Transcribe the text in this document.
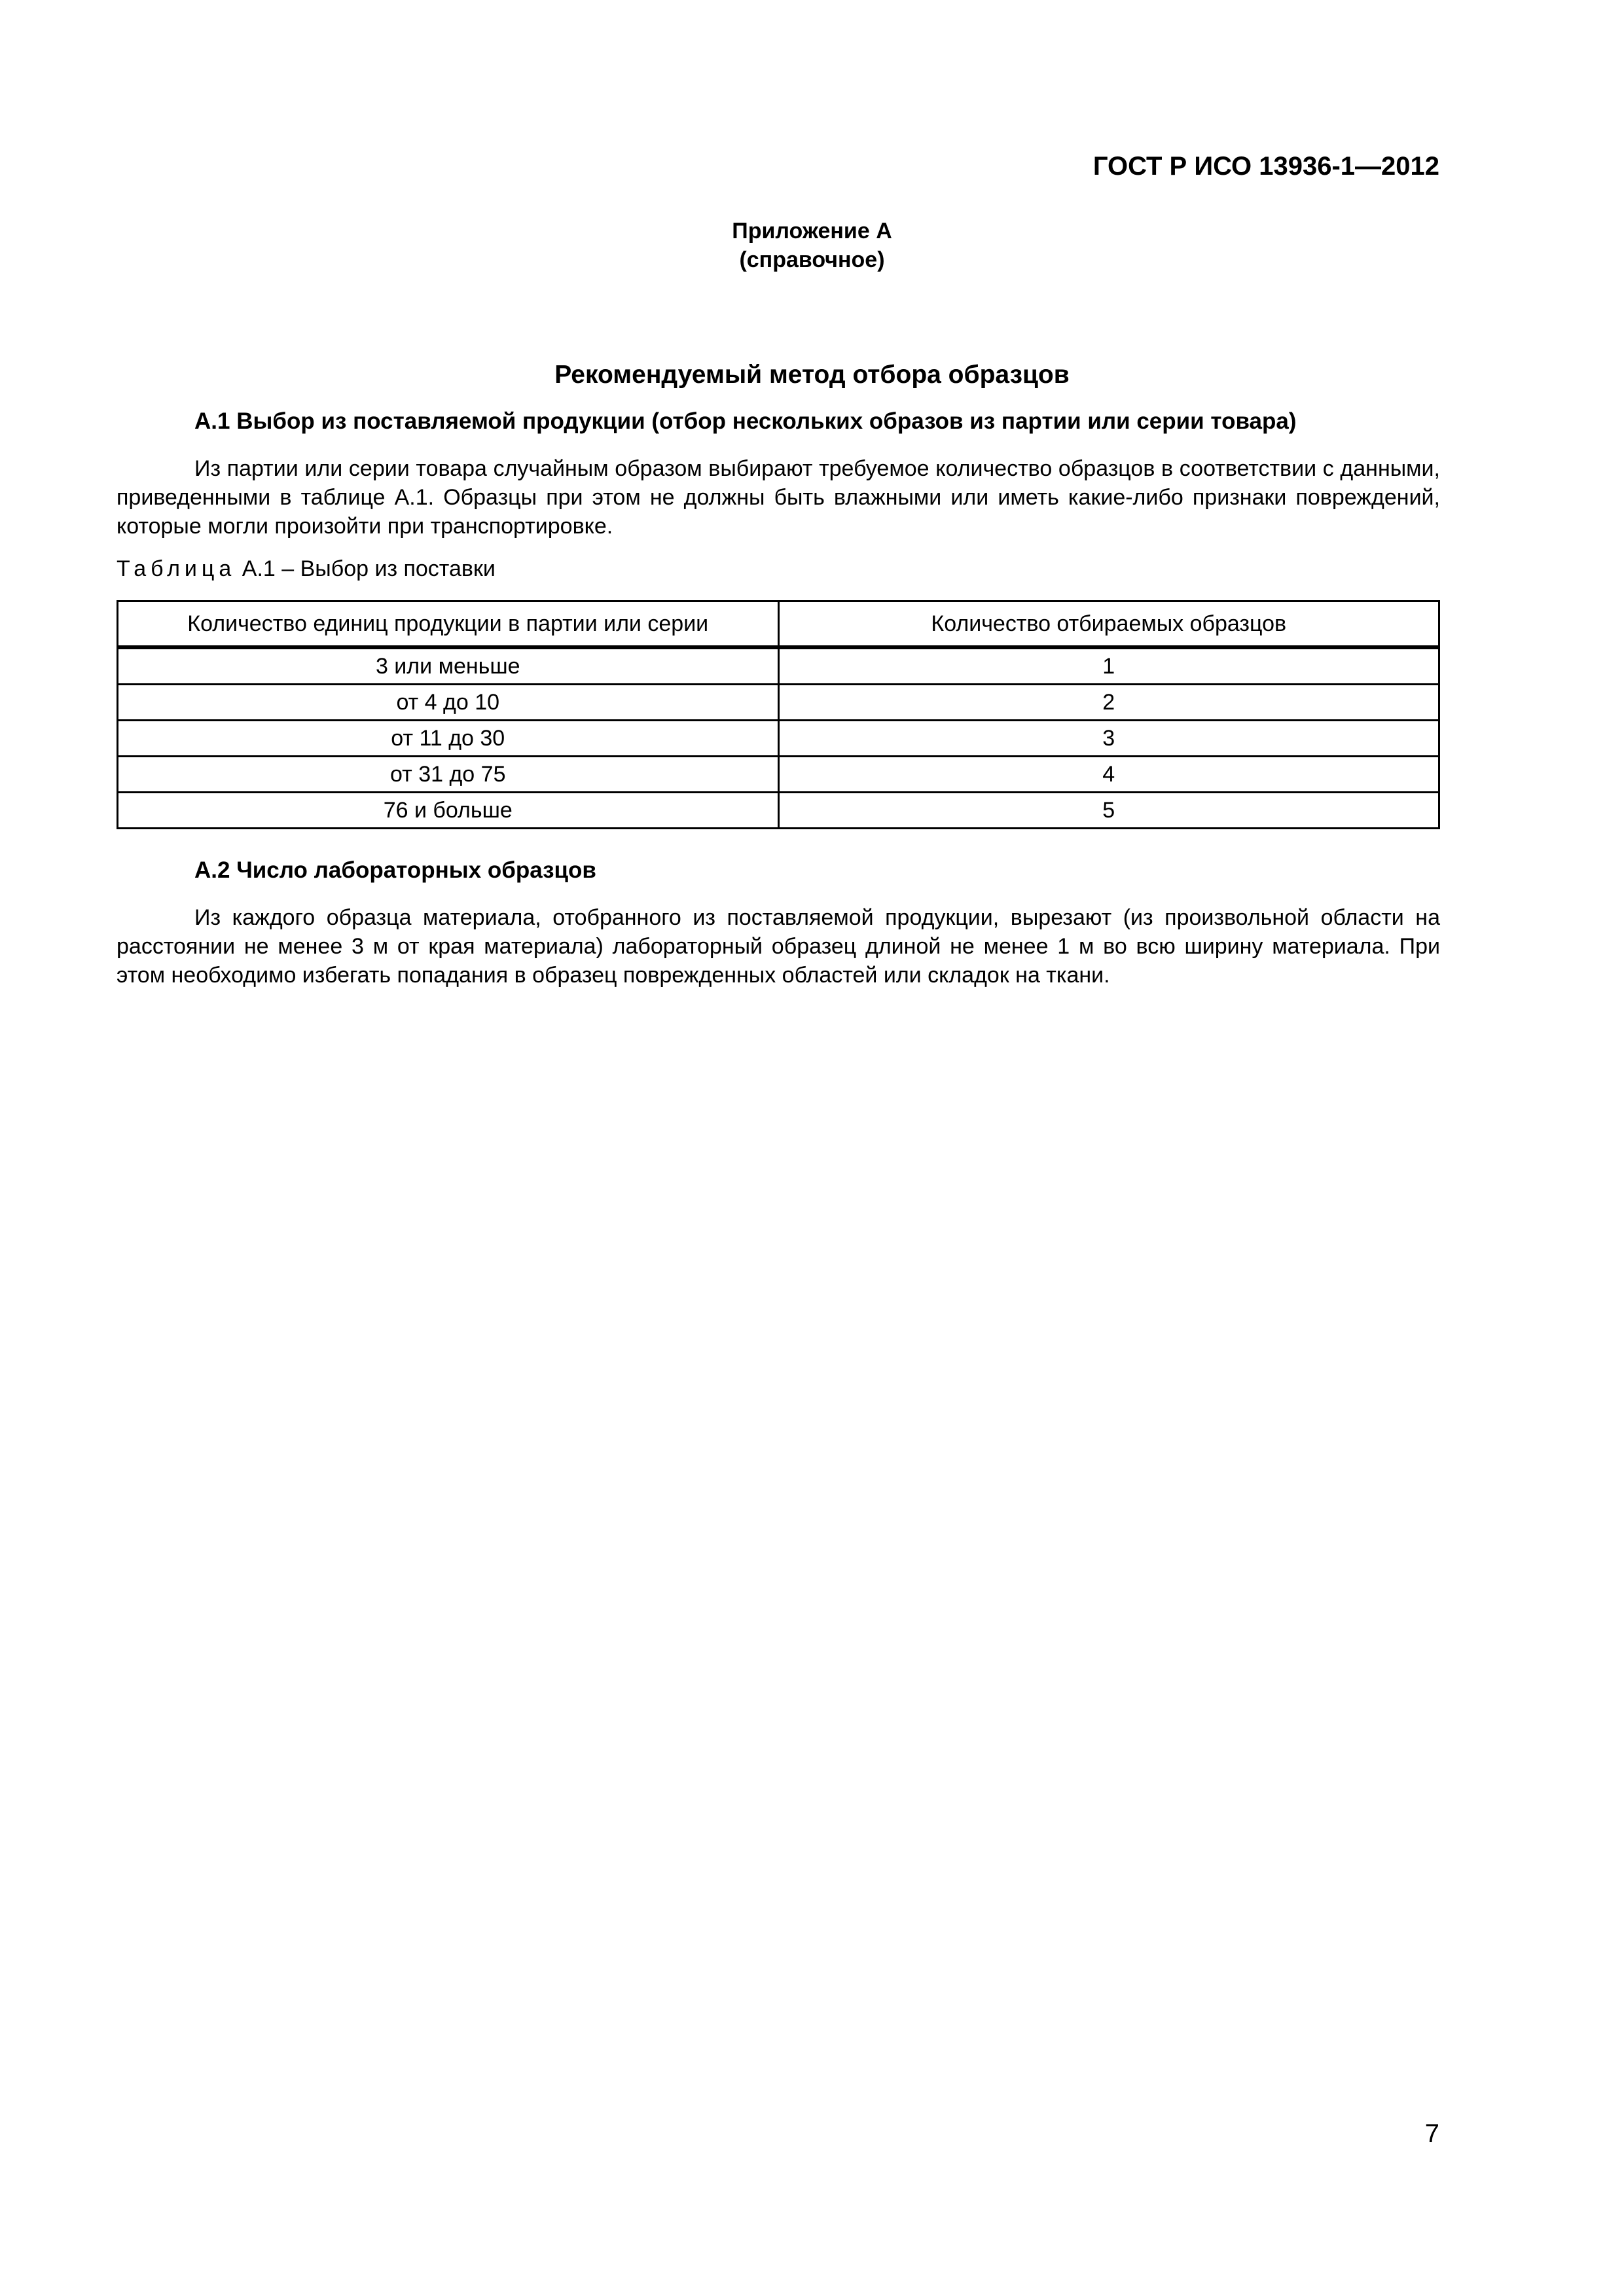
ГОСТ Р ИСО 13936-1—2012
Приложение А
(справочное)
Рекомендуемый метод отбора образцов
А.1 Выбор из поставляемой продукции (отбор нескольких образов из партии или серии товара)

Из партии или серии товара случайным образом выбирают требуемое количество образцов в соответствии с данными, приведенными в таблице А.1. Образцы при этом не должны быть влажными или иметь какие-либо признаки повреждений, которые могли произойти при транспортировке.

Таблица А.1 – Выбор из поставки
Количество единиц продукции в партии или серии	Количество отбираемых образцов
3 или меньше	1
от 4 до 10	2
от 11 до 30	3
от 31 до 75	4
76 и больше	5
А.2 Число лабораторных образцов

Из каждого образца материала, отобранного из поставляемой продукции, вырезают (из произвольной области на расстоянии не менее 3 м от края материала) лабораторный образец длиной не менее 1 м во всю ширину материала. При этом необходимо избегать попадания в образец поврежденных областей или складок на ткани.

7
